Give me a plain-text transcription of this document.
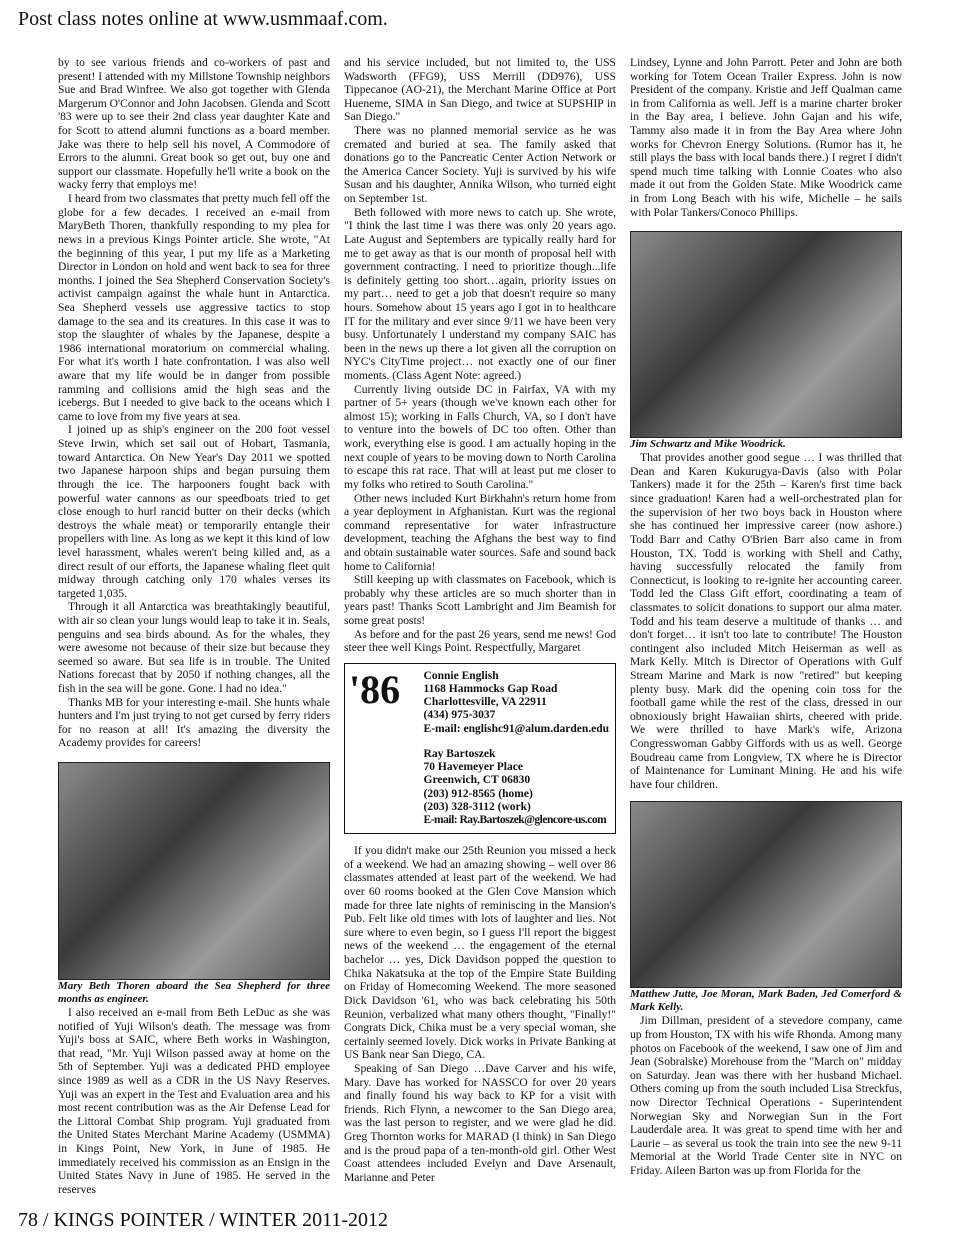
Post class notes online at www.usmmaaf.com.

by to see various friends and co-workers of past and present! I attended with my Millstone Township neighbors Sue and Brad Winfree. We also got together with Glenda Margerum O'Connor and John Jacobsen. Glenda and Scott '83 were up to see their 2nd class year daughter Kate and for Scott to attend alumni functions as a board member. Jake was there to help sell his novel, A Commodore of Errors to the alumni. Great book so get out, buy one and support our classmate. Hopefully he'll write a book on the wacky ferry that employs me!

I heard from two classmates that pretty much fell off the globe for a few decades. I received an e-mail from MaryBeth Thoren, thankfully responding to my plea for news in a previous Kings Pointer article. She wrote, "At the beginning of this year, I put my life as a Marketing Director in London on hold and went back to sea for three months. I joined the Sea Shepherd Conservation Society's activist campaign against the whale hunt in Antarctica. Sea Shepherd vessels use aggressive tactics to stop damage to the sea and its creatures. In this case it was to stop the slaughter of whales by the Japanese, despite a 1986 international moratorium on commercial whaling. For what it's worth I hate confrontation. I was also well aware that my life would be in danger from possible ramming and collisions amid the high seas and the icebergs. But I needed to give back to the oceans which I came to love from my five years at sea.

I joined up as ship's engineer on the 200 foot vessel Steve Irwin, which set sail out of Hobart, Tasmania, toward Antarctica. On New Year's Day 2011 we spotted two Japanese harpoon ships and began pursuing them through the ice. The harpooners fought back with powerful water cannons as our speedboats tried to get close enough to hurl rancid butter on their decks (which destroys the whale meat) or temporarily entangle their propellers with line. As long as we kept it this kind of low level harassment, whales weren't being killed and, as a direct result of our efforts, the Japanese whaling fleet quit midway through catching only 170 whales verses its targeted 1,035.

Through it all Antarctica was breathtakingly beautiful, with air so clean your lungs would leap to take it in. Seals, penguins and sea birds abound. As for the whales, they were awesome not because of their size but because they seemed so aware. But sea life is in trouble. The United Nations forecast that by 2050 if nothing changes, all the fish in the sea will be gone. Gone. I had no idea."

Thanks MB for your interesting e-mail. She hunts whale hunters and I'm just trying to not get cursed by ferry riders for no reason at all! It's amazing the diversity the Academy provides for careers!

Mary Beth Thoren aboard the Sea Shepherd for three months as engineer.

I also received an e-mail from Beth LeDuc as she was notified of Yuji Wilson's death. The message was from Yuji's boss at SAIC, where Beth works in Washington, that read, "Mr. Yuji Wilson passed away at home on the 5th of September. Yuji was a dedicated PHD employee since 1989 as well as a CDR in the US Navy Reserves. Yuji was an expert in the Test and Evaluation area and his most recent contribution was as the Air Defense Lead for the Littoral Combat Ship program. Yuji graduated from the United States Merchant Marine Academy (USMMA) in Kings Point, New York, in June of 1985. He immediately received his commission as an Ensign in the United States Navy in June of 1985. He served in the reserves

and his service included, but not limited to, the USS Wadsworth (FFG9), USS Merrill (DD976), USS Tippecanoe (AO-21), the Merchant Marine Office at Port Hueneme, SIMA in San Diego, and twice at SUPSHIP in San Diego."

There was no planned memorial service as he was cremated and buried at sea. The family asked that donations go to the Pancreatic Center Action Network or the America Cancer Society. Yuji is survived by his wife Susan and his daughter, Annika Wilson, who turned eight on September 1st.

Beth followed with more news to catch up. She wrote, "I think the last time I was there was only 20 years ago. Late August and Septembers are typically really hard for me to get away as that is our month of proposal hell with government contracting. I need to prioritize though...life is definitely getting too short…again, priority issues on my part… need to get a job that doesn't require so many hours. Somehow about 15 years ago I got in to healthcare IT for the military and ever since 9/11 we have been very busy. Unfortunately I understand my company SAIC has been in the news up there a lot given all the corruption on NYC's CityTime project… not exactly one of our finer moments. (Class Agent Note: agreed.)

Currently living outside DC in Fairfax, VA with my partner of 5+ years (though we've known each other for almost 15); working in Falls Church, VA, so I don't have to venture into the bowels of DC too often. Other than work, everything else is good. I am actually hoping in the next couple of years to be moving down to North Carolina to escape this rat race. That will at least put me closer to my folks who retired to South Carolina."

Other news included Kurt Birkhahn's return home from a year deployment in Afghanistan. Kurt was the regional command representative for water infrastructure development, teaching the Afghans the best way to find and obtain sustainable water sources. Safe and sound back home to California!

Still keeping up with classmates on Facebook, which is probably why these articles are so much shorter than in years past! Thanks Scott Lambright and Jim Beamish for some great posts!

As before and for the past 26 years, send me news! God steer thee well Kings Point. Respectfully, Margaret

'86	Connie English
1168 Hammocks Gap Road
Charlottesville, VA 22911
(434) 975-3037
E-mail: englishc91@alum.darden.edu
Ray Bartoszek
70 Havemeyer Place
Greenwich, CT 06830
(203) 912-8565 (home)
(203) 328-3112 (work)
E-mail: Ray.Bartoszek@glencore-us.com

If you didn't make our 25th Reunion you missed a heck of a weekend. We had an amazing showing – well over 86 classmates attended at least part of the weekend. We had over 60 rooms booked at the Glen Cove Mansion which made for three late nights of reminiscing in the Mansion's Pub. Felt like old times with lots of laughter and lies. Not sure where to even begin, so I guess I'll report the biggest news of the weekend … the engagement of the eternal bachelor … yes, Dick Davidson popped the question to Chika Nakatsuka at the top of the Empire State Building on Friday of Homecoming Weekend. The more seasoned Dick Davidson '61, who was back celebrating his 50th Reunion, verbalized what many others thought, "Finally!" Congrats Dick, Chika must be a very special woman, she certainly seemed lovely. Dick works in Private Banking at US Bank near San Diego, CA.

Speaking of San Diego …Dave Carver and his wife, Mary. Dave has worked for NASSCO for over 20 years and finally found his way back to KP for a visit with friends. Rich Flynn, a newcomer to the San Diego area, was the last person to register, and we were glad he did. Greg Thornton works for MARAD (I think) in San Diego and is the proud papa of a ten-month-old girl. Other West Coast attendees included Evelyn and Dave Arsenault, Marianne and Peter

Lindsey, Lynne and John Parrott. Peter and John are both working for Totem Ocean Trailer Express. John is now President of the company. Kristie and Jeff Qualman came in from California as well. Jeff is a marine charter broker in the Bay area, I believe. John Gajan and his wife, Tammy also made it in from the Bay Area where John works for Chevron Energy Solutions. (Rumor has it, he still plays the bass with local bands there.) I regret I didn't spend much time talking with Lonnie Coates who also made it out from the Golden State. Mike Woodrick came in from Long Beach with his wife, Michelle – he sails with Polar Tankers/Conoco Phillips.

Jim Schwartz and Mike Woodrick.

That provides another good segue … I was thrilled that Dean and Karen Kukurugya-Davis (also with Polar Tankers) made it for the 25th – Karen's first time back since graduation! Karen had a well-orchestrated plan for the supervision of her two boys back in Houston where she has continued her impressive career (now ashore.) Todd Barr and Cathy O'Brien Barr also came in from Houston, TX. Todd is working with Shell and Cathy, having successfully relocated the family from Connecticut, is looking to re-ignite her accounting career. Todd led the Class Gift effort, coordinating a team of classmates to solicit donations to support our alma mater. Todd and his team deserve a multitude of thanks … and don't forget… it isn't too late to contribute! The Houston contingent also included Mitch Heiserman as well as Mark Kelly. Mitch is Director of Operations with Gulf Stream Marine and Mark is now "retired" but keeping plenty busy. Mark did the opening coin toss for the football game while the rest of the class, dressed in our obnoxiously bright Hawaiian shirts, cheered with pride. We were thrilled to have Mark's wife, Arizona Congresswoman Gabby Giffords with us as well. George Boudreau came from Longview, TX where he is Director of Maintenance for Luminant Mining. He and his wife have four children.

Matthew Jutte, Joe Moran, Mark Baden, Jed Comerford & Mark Kelly.

Jim Dillman, president of a stevedore company, came up from Houston, TX with his wife Rhonda. Among many photos on Facebook of the weekend, I saw one of Jim and Jean (Sobralske) Morehouse from the "March on" midday on Saturday. Jean was there with her husband Michael. Others coming up from the south included Lisa Streckfus, now Director Technical Operations - Superintendent Norwegian Sky and Norwegian Sun in the Fort Lauderdale area. It was great to spend time with her and Laurie – as several us took the train into see the new 9-11 Memorial at the World Trade Center site in NYC on Friday. Aileen Barton was up from Florida for the

78 / KINGS POINTER / WINTER 2011-2012
